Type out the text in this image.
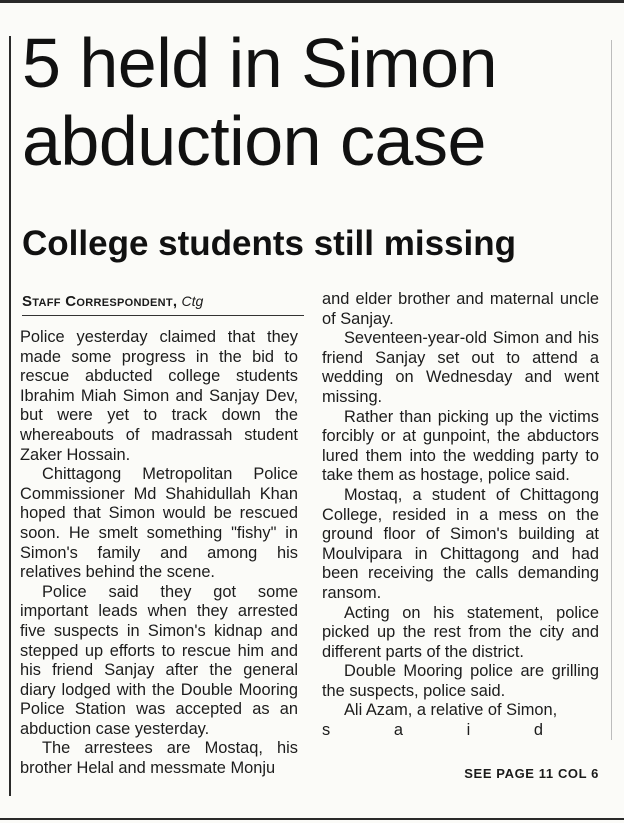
5 held in Simon
abduction case
College students still missing
Staff Correspondent, Ctg

Police yesterday claimed that they made some progress in the bid to rescue abducted college students Ibrahim Miah Simon and Sanjay Dev, but were yet to track down the whereabouts of madrassah student Zaker Hossain.

Chittagong Metropolitan Police Commissioner Md Shahidullah Khan hoped that Simon would be rescued soon. He smelt something "fishy" in Simon's family and among his relatives behind the scene.

Police said they got some important leads when they arrested five suspects in Simon's kidnap and stepped up efforts to rescue him and his friend Sanjay after the general diary lodged with the Double Mooring Police Station was accepted as an abduction case yesterday.

The arrestees are Mostaq, his brother Helal and messmate Monju

and elder brother and maternal uncle of Sanjay.

Seventeen-year-old Simon and his friend Sanjay set out to attend a wedding on Wednesday and went missing.

Rather than picking up the victims forcibly or at gunpoint, the abductors lured them into the wedding party to take them as hostage, police said.

Mostaq, a student of Chittagong College, resided in a mess on the ground floor of Simon's building at Moulvipara in Chittagong and had been receiving the calls demanding ransom.

Acting on his statement, police picked up the rest from the city and different parts of the district.

Double Mooring police are grilling the suspects, police said.

Ali Azam, a relative of Simon,

s	a	i	d
SEE PAGE 11 COL 6
